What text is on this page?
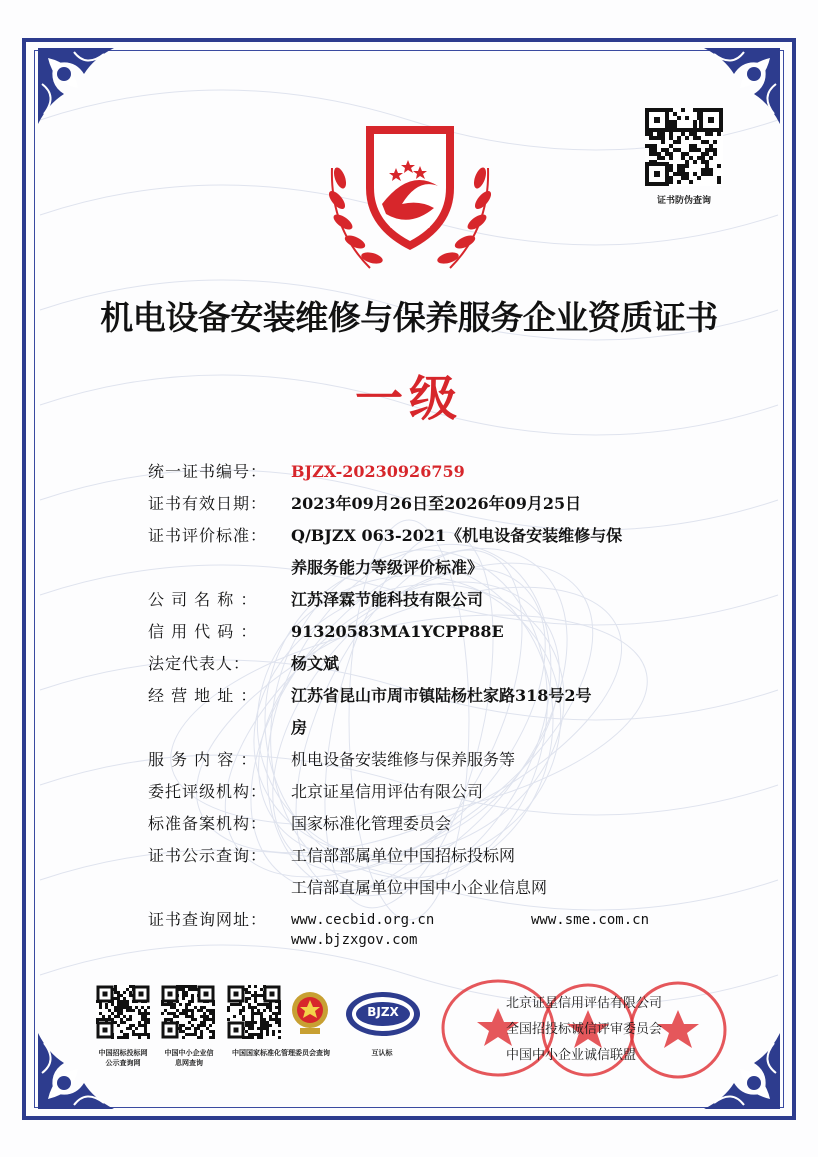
证书防伪查询
机电设备安装维修与保养服务企业资质证书
一级
统一证书编号：	BJZX-20230926759
证书有效日期：	2023年09月26日至2026年09月25日
证书评价标准：	Q/BJZX 063-2021《机电设备安装维修与保
养服务能力等级评价标准》
公 司 名 称 ：	江苏泽霖节能科技有限公司
信 用 代 码 ：	91320583MA1YCPP88E
法定代表人：	杨文斌
经 营 地 址 ：	江苏省昆山市周市镇陆杨杜家路318号2号
房
服 务 内 容 ：	机电设备安装维修与保养服务等
委托评级机构：	北京证星信用评估有限公司
标准备案机构：	国家标准化管理委员会
证书公示查询：	工信部部属单位中国招标投标网
工信部直属单位中国中小企业信息网
证书查询网址：	www.cecbid.org.cn	www.sme.com.cn
www.bjzxgov.com
中国招标投标网
公示查询网
中国中小企业信
息网查询
中国国家标准化管理委员会查询
BJZX
互认标
北京证星信用评估有限公司
全国招投标诚信评审委员会
中国中小企业诚信联盟
